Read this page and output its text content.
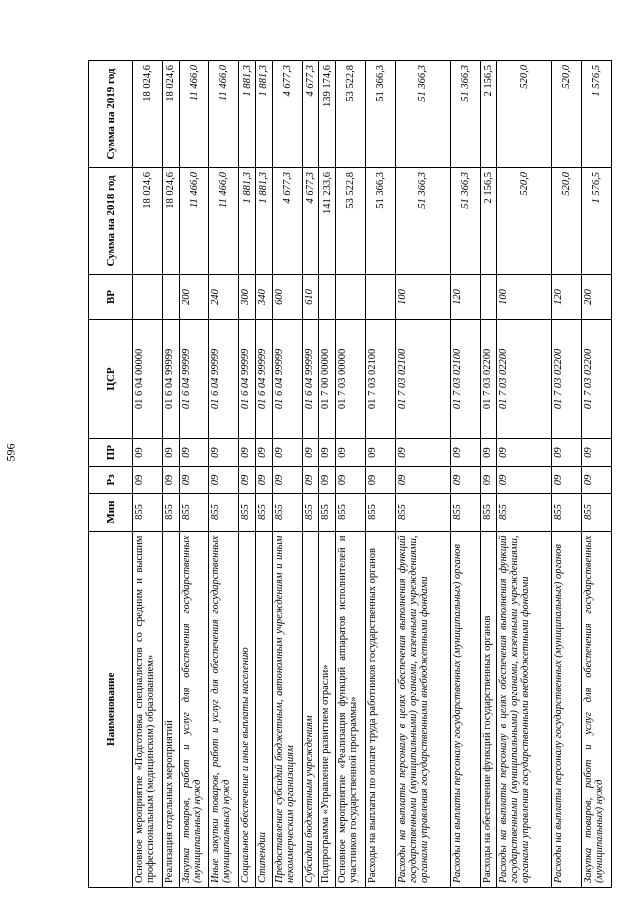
596
Наименование	Мин	Рз	ПР	ЦСР	ВР	Сумма на 2018 год	Сумма на 2019 год
Основное мероприятие «Подготовка специалистов со средним и высшим профессиональным (медицинским) образованием»	855	09	09	01 6 04 00000		18 024,6	18 024,6
Реализация отдельных мероприятий	855	09	09	01 6 04 99999		18 024,6	18 024,6
Закупка товаров, работ и услуг для обеспечения государственных (муниципальных) нужд	855	09	09	01 6 04 99999	200	11 466,0	11 466,0
Иные закупки товаров, работ и услуг для обеспечения государственных (муниципальных) нужд	855	09	09	01 6 04 99999	240	11 466,0	11 466,0
Социальное обеспечение и иные выплаты населению	855	09	09	01 6 04 99999	300	1 881,3	1 881,3
Стипендии	855	09	09	01 6 04 99999	340	1 881,3	1 881,3
Предоставление субсидий бюджетным, автономным учреждениям и иным некоммерческим организациям	855	09	09	01 6 04 99999	600	4 677,3	4 677,3
Субсидии бюджетным учреждениям	855	09	09	01 6 04 99999	610	4 677,3	4 677,3
Подпрограмма «Управление развитием отрасли»	855	09	09	01 7 00 00000		141 233,6	139 174,6
Основное мероприятие «Реализация функций аппаратов исполнителей и участников государственной программы»	855	09	09	01 7 03 00000		53 522,8	53 522,8
Расходы на выплаты по оплате труда работников государственных органов	855	09	09	01 7 03 02100		51 366,3	51 366,3
Расходы на выплаты персоналу в целях обеспечения выполнения функций государственными (муниципальными) органами, казенными учреждениями, органами управления государственными внебюджетными фондами	855	09	09	01 7 03 02100	100	51 366,3	51 366,3
Расходы на выплаты персоналу государственных (муниципальных) органов	855	09	09	01 7 03 02100	120	51 366,3	51 366,3
Расходы на обеспечение функций государственных органов	855	09	09	01 7 03 02200		2 156,5	2 156,5
Расходы на выплаты персоналу в целях обеспечения выполнения функций государственными (муниципальными) органами, казенными учреждениями, органами управления государственными внебюджетными фондами	855	09	09	01 7 03 02200	100	520,0	520,0
Расходы на выплаты персоналу государственных (муниципальных) органов	855	09	09	01 7 03 02200	120	520,0	520,0
Закупка товаров, работ и услуг для обеспечения государственных (муниципальных) нужд	855	09	09	01 7 03 02200	200	1 576,5	1 576,5
